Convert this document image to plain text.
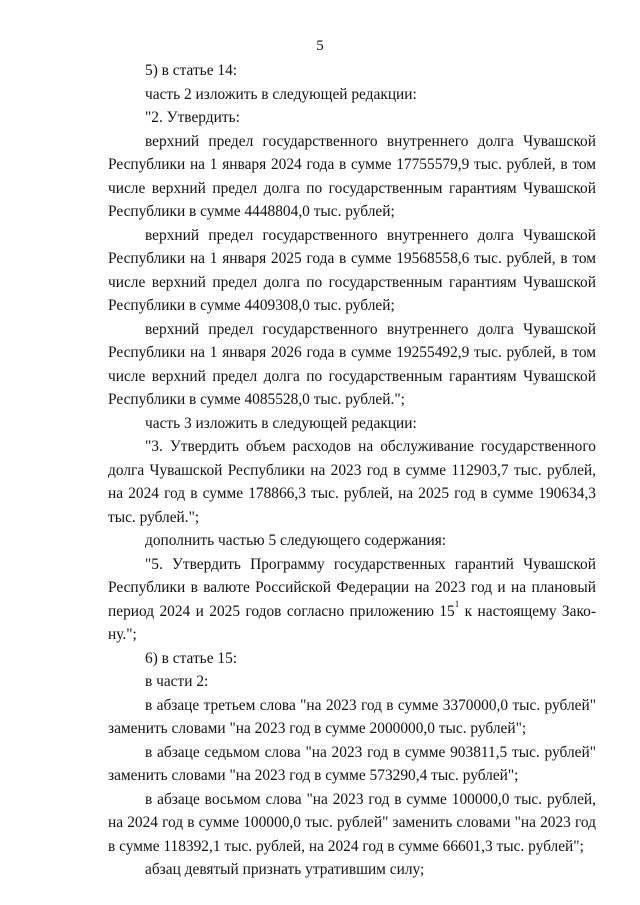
5

5) в статье 14:

часть 2 изложить в следующей редакции:

"2. Утвердить:

верхний предел государственного внутреннего долга Чувашской Республики на 1 января 2024 года в сумме 17755579,9 тыс. рублей, в том числе верхний предел долга по государственным гарантиям Чувашской Республики в сумме 4448804,0 тыс. рублей;

верхний предел государственного внутреннего долга Чувашской Республики на 1 января 2025 года в сумме 19568558,6 тыс. рублей, в том числе верхний предел долга по государственным гарантиям Чувашской Республики в сумме 4409308,0 тыс. рублей;

верхний предел государственного внутреннего долга Чувашской Республики на 1 января 2026 года в сумме 19255492,9 тыс. рублей, в том числе верхний предел долга по государственным гарантиям Чувашской Республики в сумме 4085528,0 тыс. рублей.";

часть 3 изложить в следующей редакции:

"3. Утвердить объем расходов на обслуживание государственного долга Чувашской Республики на 2023 год в сумме 112903,7 тыс. рублей, на 2024 год в сумме 178866,3 тыс. рублей, на 2025 год в сумме 190634,3 тыс. рублей.";

дополнить частью 5 следующего содержания:

"5. Утвердить Программу государственных гарантий Чувашской Республики в валюте Российской Федерации на 2023 год и на плановый период 2024 и 2025 годов согласно приложению $15^1$ к настоящему Закону.";

6) в статье 15:

в части 2:

в абзаце третьем слова "на 2023 год в сумме 3370000,0 тыс. рублей" заменить словами "на 2023 год в сумме 2000000,0 тыс. рублей";

в абзаце седьмом слова "на 2023 год в сумме 903811,5 тыс. рублей" заменить словами "на 2023 год в сумме 573290,4 тыс. рублей";

в абзаце восьмом слова "на 2023 год в сумме 100000,0 тыс. рублей, на 2024 год в сумме 100000,0 тыс. рублей" заменить словами "на 2023 год в сумме 118392,1 тыс. рублей, на 2024 год в сумме 66601,3 тыс. рублей";

абзац девятый признать утратившим силу;
